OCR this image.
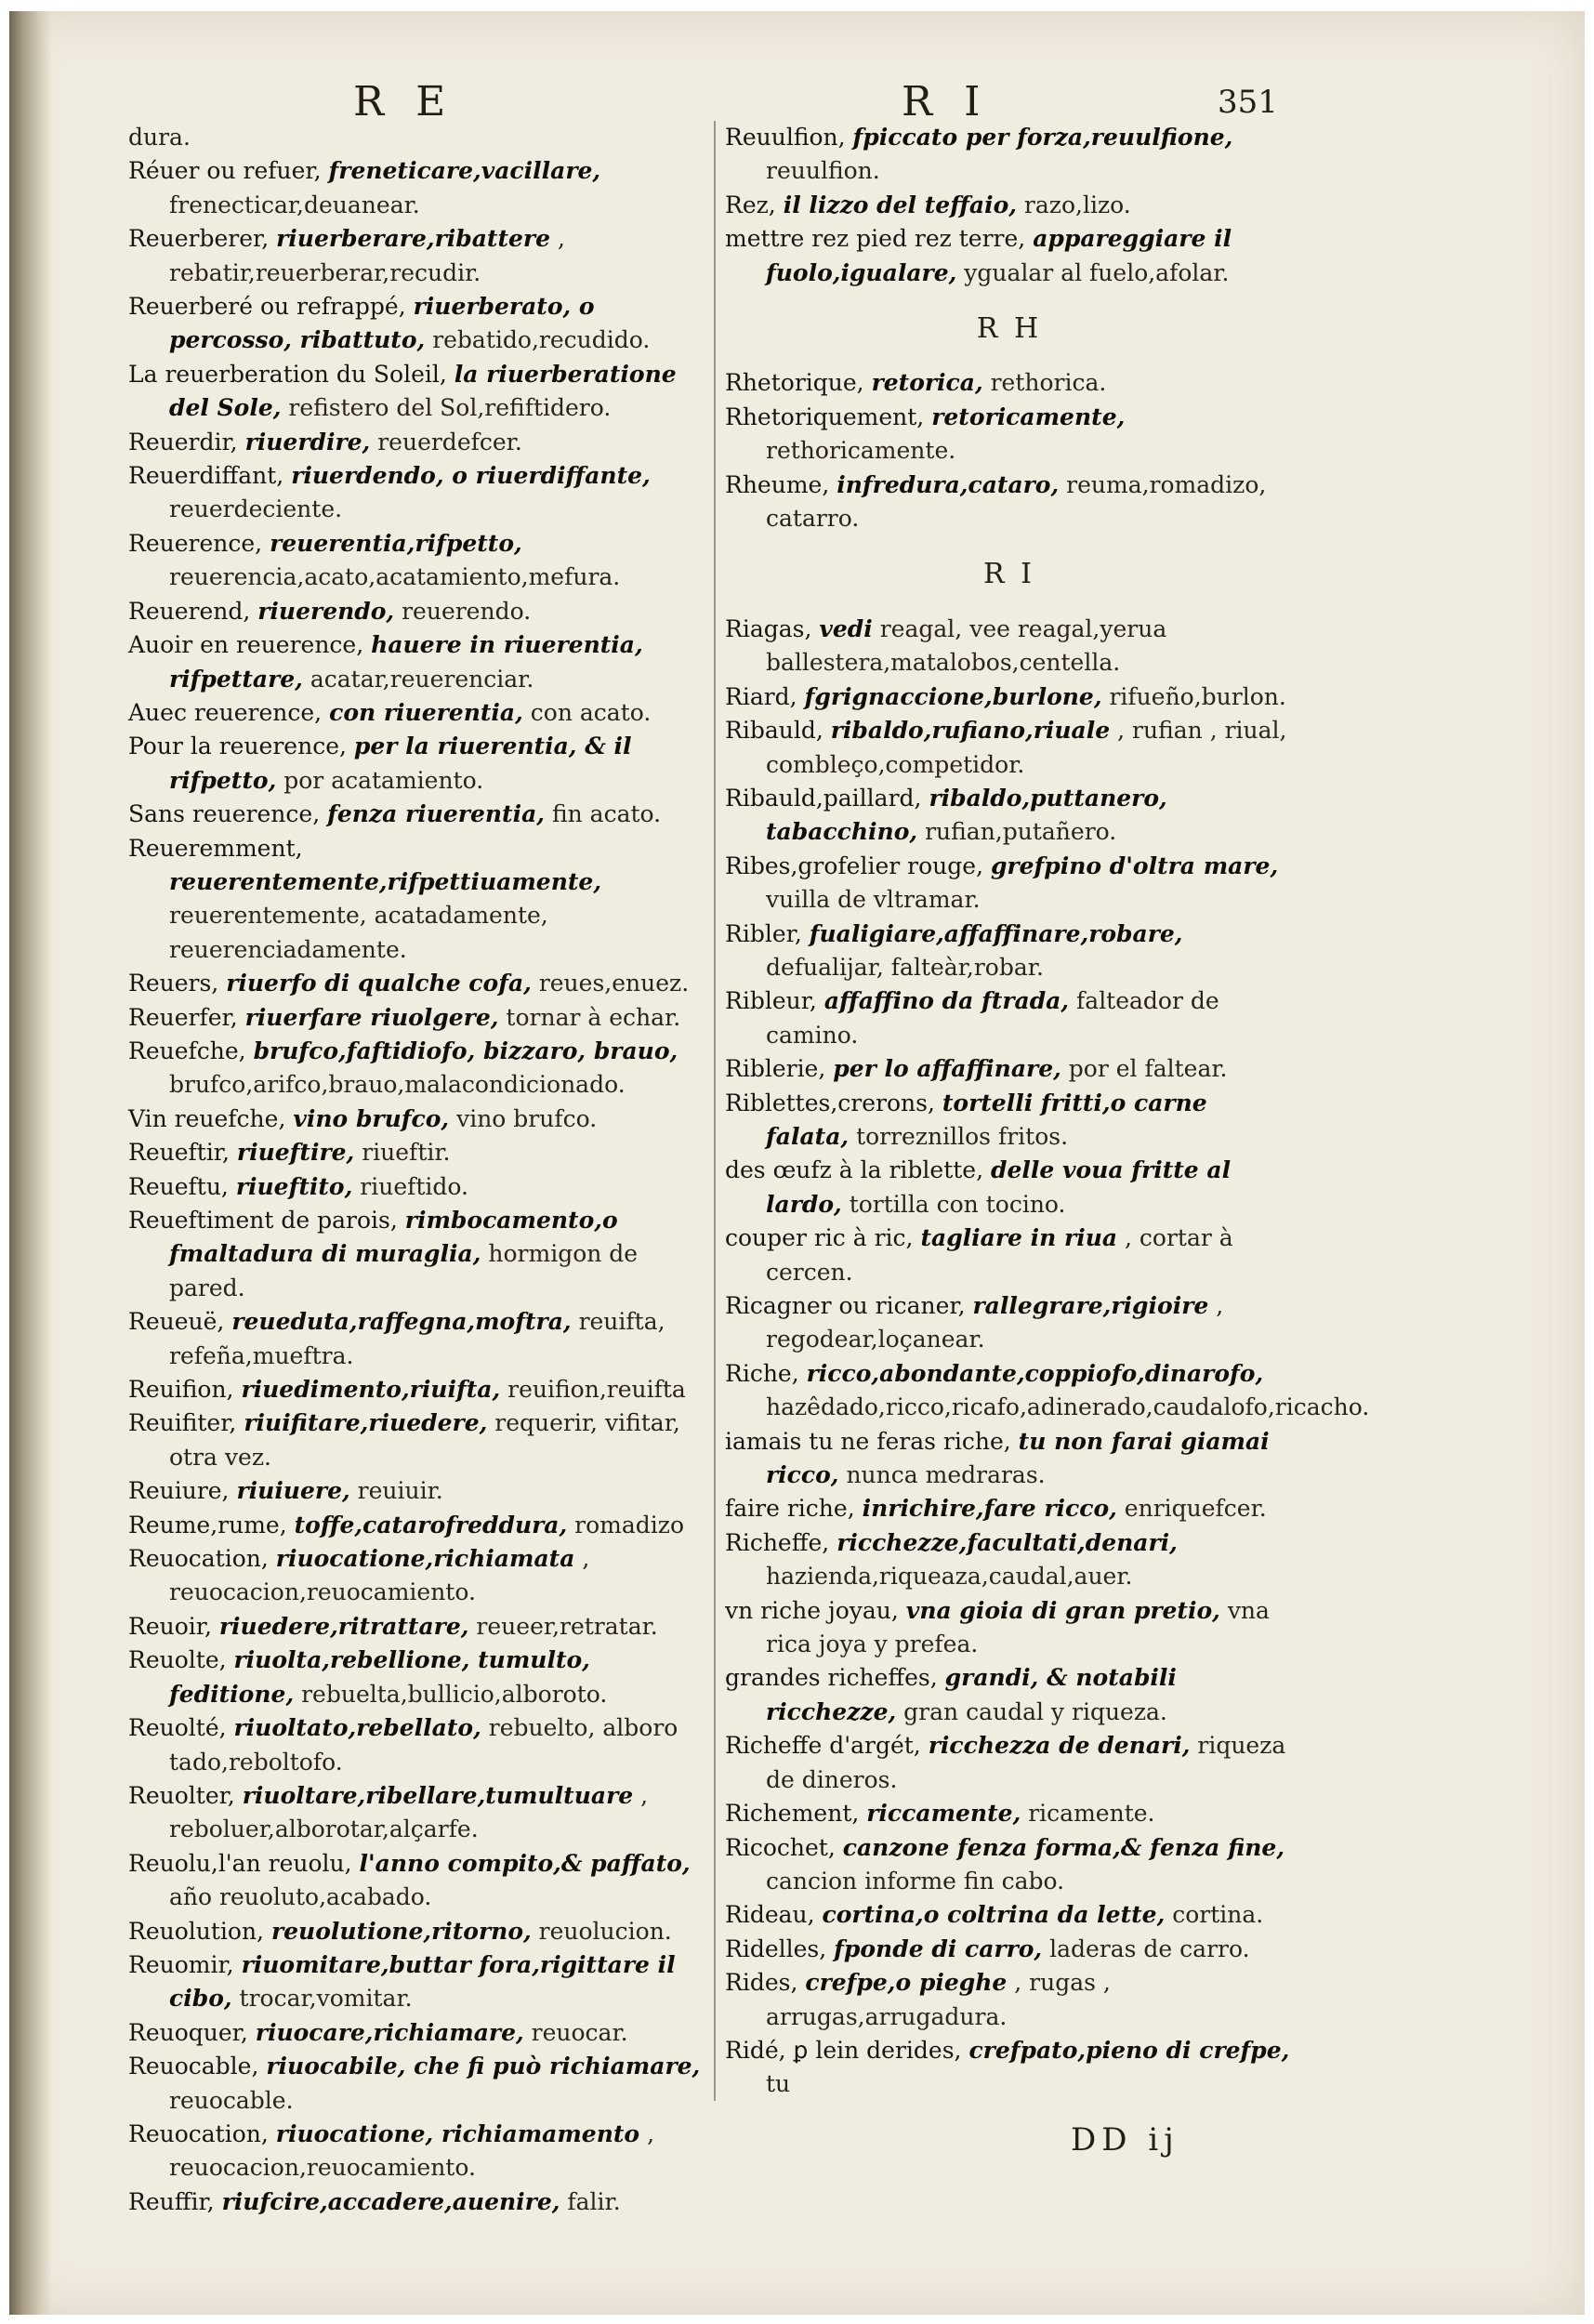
R E	R I	351
dura.
Réuer ou refuer, freneticare,vacillare, frenecticar,deuanear.
Reuerberer, riuerberare,ribattere , rebatir,reuerberar,recudir.
Reuerberé ou refrappé, riuerberato, o percosso, ribattuto, rebatido,recudido.
La reuerberation du Soleil, la riuerberatione del Sole, refistero del Sol,refiftidero.
Reuerdir, riuerdire, reuerdefcer.
Reuerdiffant, riuerdendo, o riuerdiffante, reuerdeciente.
Reuerence, reuerentia,rifpetto, reuerencia,acato,acatamiento,mefura.
Reuerend, riuerendo, reuerendo.
Auoir en reuerence, hauere in riuerentia, rifpettare, acatar,reuerenciar.
Auec reuerence, con riuerentia, con acato.
Pour la reuerence, per la riuerentia, & il rifpetto, por acatamiento.
Sans reuerence, fenza riuerentia, fin acato.
Reueremment, reuerentemente,rifpettiuamente, reuerentemente, acatadamente, reuerenciadamente.
Reuers, riuerfo di qualche cofa, reues,enuez.
Reuerfer, riuerfare riuolgere, tornar à echar.
Reuefche, brufco,faftidiofo, bizzaro, brauo, brufco,arifco,brauo,malacondicionado.
Vin reuefche, vino brufco, vino brufco.
Reueftir, riueftire, riueftir.
Reueftu, riueftito, riueftido.
Reueftiment de parois, rimbocamento,o fmaltadura di muraglia, hormigon de pared.
Reueuë, reueduta,raffegna,moftra, reuifta, refeña,mueftra.
Reuifion, riuedimento,riuifta, reuifion,reuifta
Reuifiter, riuifitare,riuedere, requerir, vifitar, otra vez.
Reuiure, riuiuere, reuiuir.
Reume,rume, toffe,catarofreddura, romadizo
Reuocation, riuocatione,richiamata , reuocacion,reuocamiento.
Reuoir, riuedere,ritrattare, reueer,retratar.
Reuolte, riuolta,rebellione, tumulto, feditione, rebuelta,bullicio,alboroto.
Reuolté, riuoltato,rebellato, rebuelto, alboro tado,reboltofo.
Reuolter, riuoltare,ribellare,tumultuare , reboluer,alborotar,alçarfe.
Reuolu,l'an reuolu, l'anno compito,& paffato, año reuoluto,acabado.
Reuolution, reuolutione,ritorno, reuolucion.
Reuomir, riuomitare,buttar fora,rigittare il cibo, trocar,vomitar.
Reuoquer, riuocare,richiamare, reuocar.
Reuocable, riuocabile, che fi può richiamare, reuocable.
Reuocation, riuocatione, richiamamento , reuocacion,reuocamiento.
Reuffir, riufcire,accadere,auenire, falir.
Reuulfion, fpiccato per forza,reuulfione, reuulfion.
Rez, il lizzo del teffaio, razo,lizo.
mettre rez pied rez terre, appareggiare il fuolo,igualare, ygualar al fuelo,afolar.
R H
Rhetorique, retorica, rethorica.
Rhetoriquement, retoricamente, rethoricamente.
Rheume, infredura,cataro, reuma,romadizo, catarro.
R I
Riagas, vedi reagal, vee reagal,yerua ballestera,matalobos,centella.
Riard, fgrignaccione,burlone, rifueño,burlon.
Ribauld, ribaldo,rufiano,riuale , rufian , riual, combleço,competidor.
Ribauld,paillard, ribaldo,puttanero, tabacchino, rufian,putañero.
Ribes,grofelier rouge, grefpino d'oltra mare, vuilla de vltramar.
Ribler, fualigiare,affaffinare,robare, defualijar, falteàr,robar.
Ribleur, affaffino da ftrada, falteador de camino.
Riblerie, per lo affaffinare, por el faltear.
Riblettes,crerons, tortelli fritti,o carne falata, torreznillos fritos.
des œufz à la riblette, delle voua fritte al lardo, tortilla con tocino.
couper ric à ric, tagliare in riua , cortar à cercen.
Ricagner ou ricaner, rallegrare,rigioire , regodear,loçanear.
Riche, ricco,abondante,coppiofo,dinarofo, hazêdado,ricco,ricafo,adinerado,caudalofo,ricacho.
iamais tu ne feras riche, tu non farai giamai ricco, nunca medraras.
faire riche, inrichire,fare ricco, enriquefcer.
Richeffe, ricchezze,facultati,denari, hazienda,riqueaza,caudal,auer.
vn riche joyau, vna gioia di gran pretio, vna rica joya y prefea.
grandes richeffes, grandi, & notabili ricchezze, gran caudal y riqueza.
Richeffe d'argét, ricchezza de denari, riqueza de dineros.
Richement, riccamente, ricamente.
Ricochet, canzone fenza forma,& fenza fine, cancion informe fin cabo.
Rideau, cortina,o coltrina da lette, cortina.
Ridelles, fponde di carro, laderas de carro.
Rides, crefpe,o pieghe , rugas , arrugas,arrugadura.
Ridé, ꝑ lein derides, crefpato,pieno di crefpe, tu
DD ij
